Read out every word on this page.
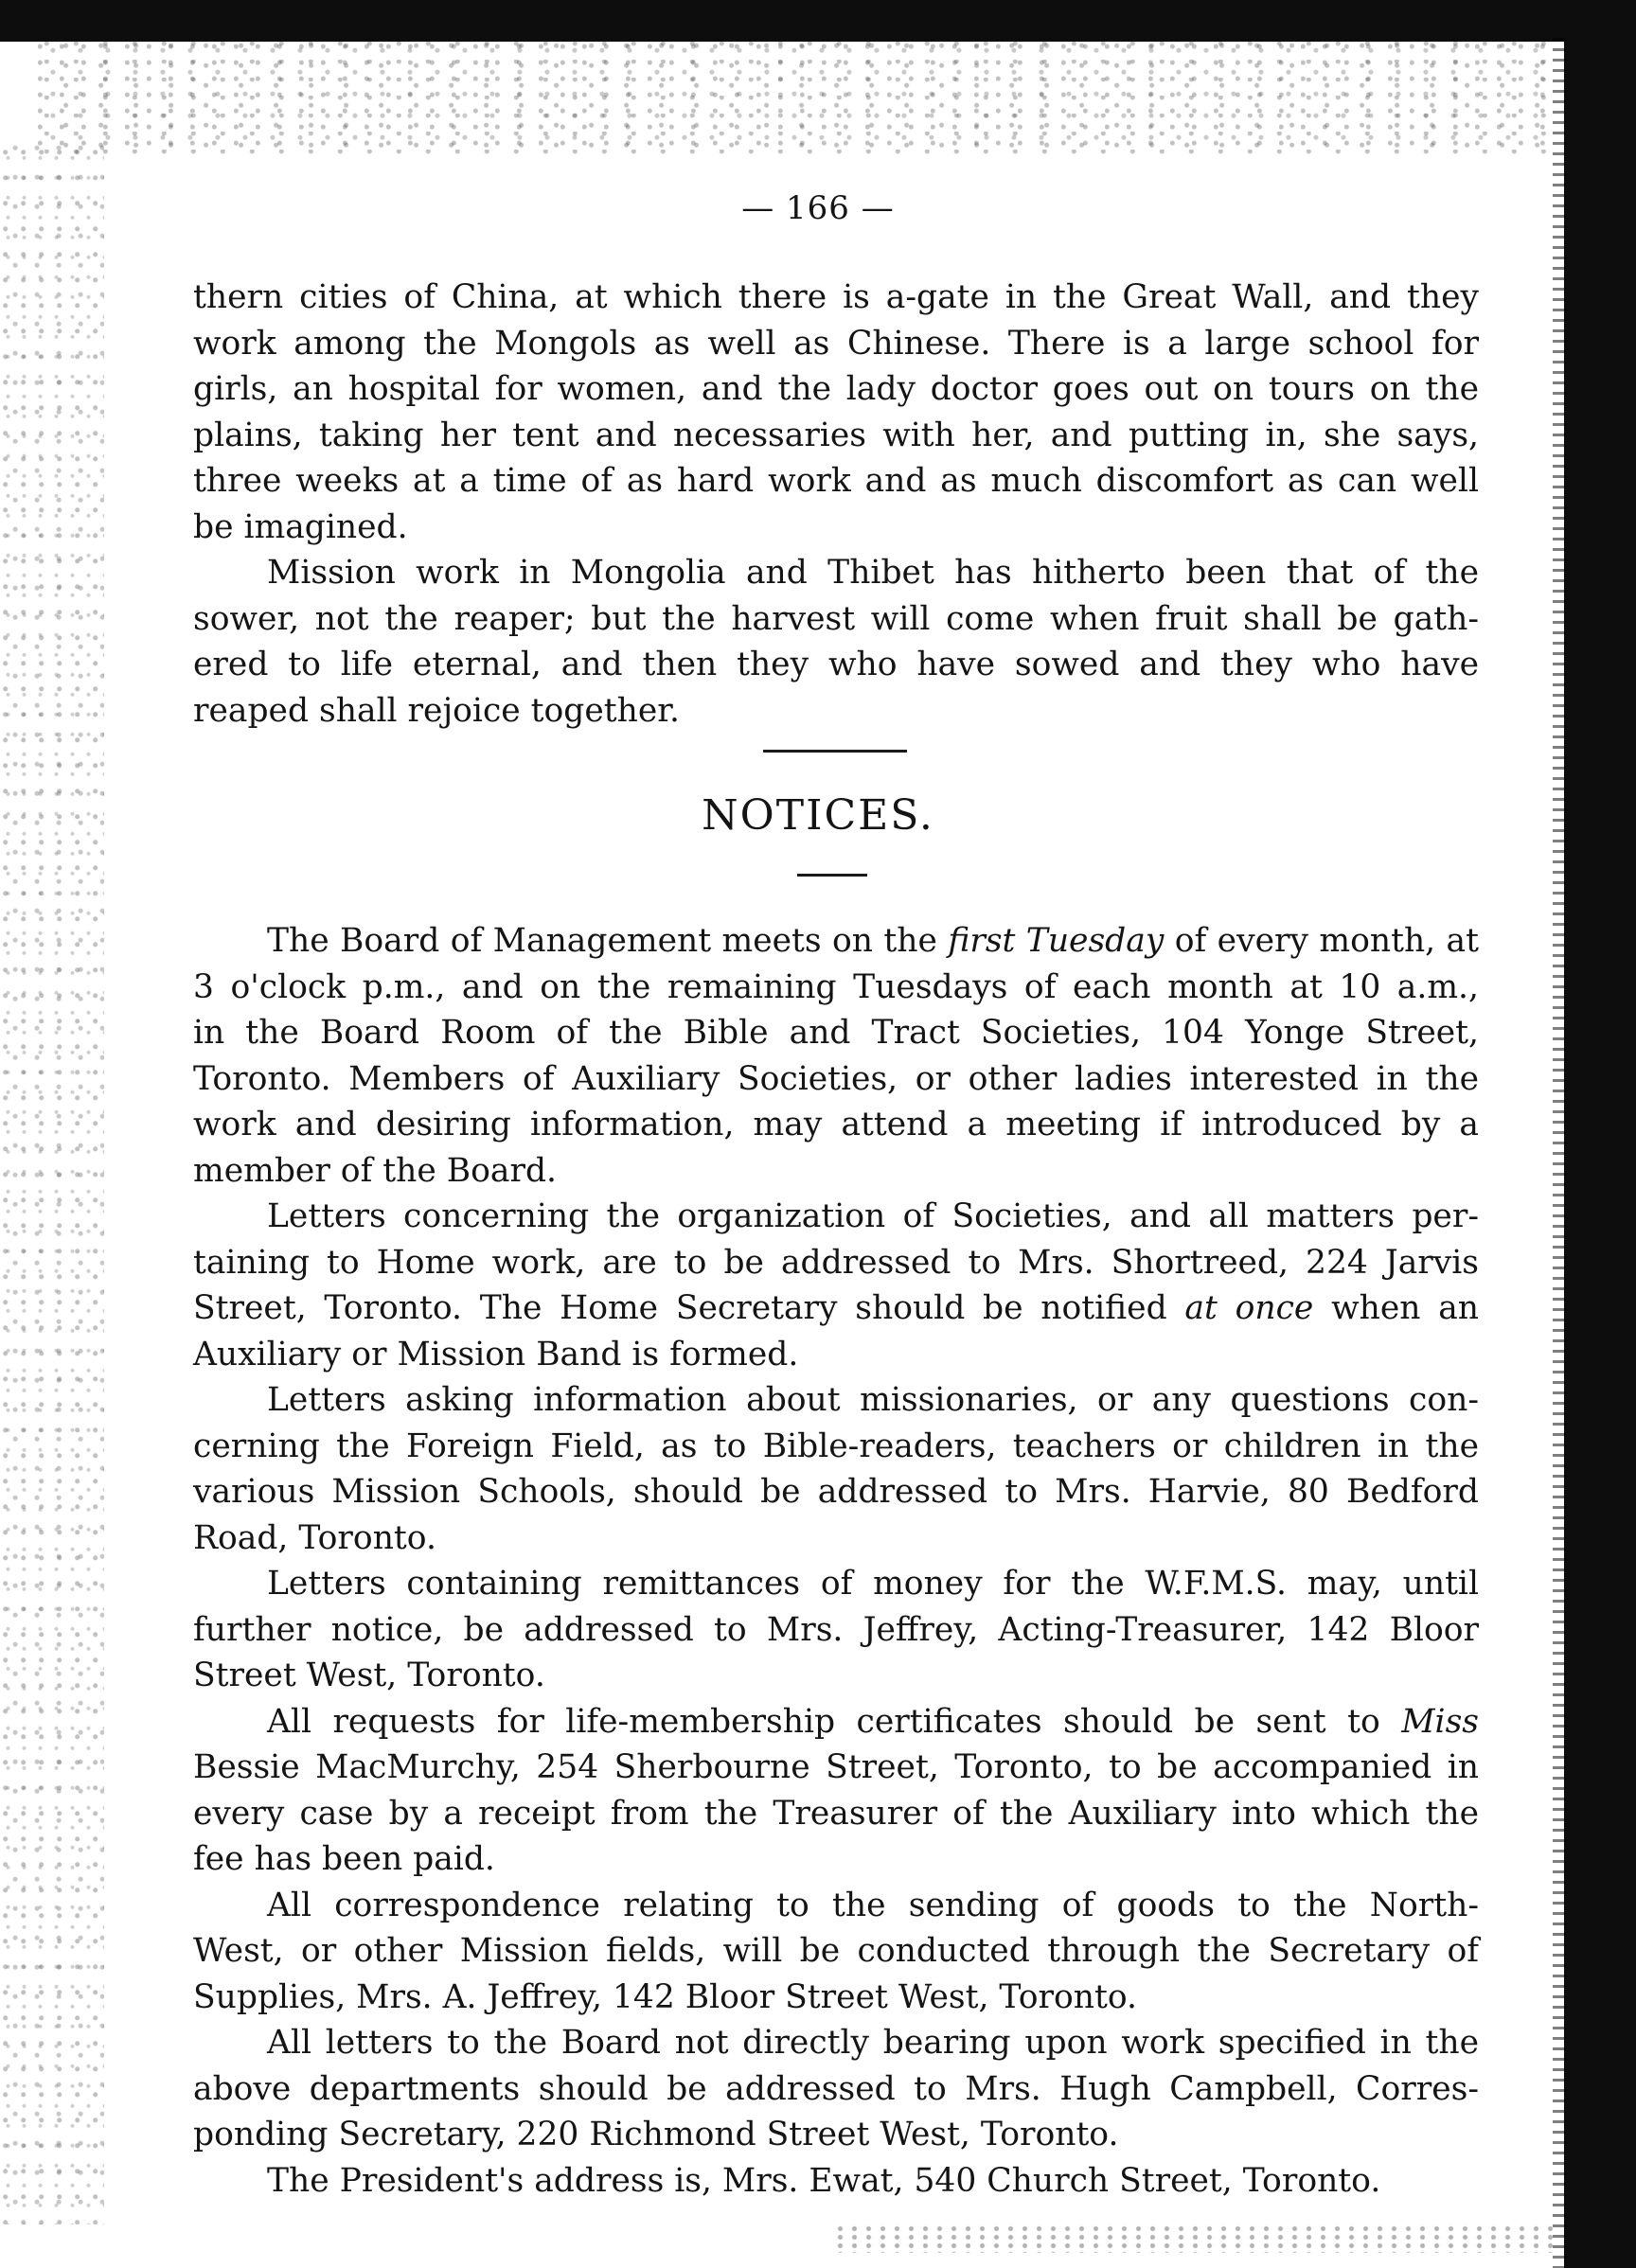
— 166 —
thern cities of China, at which there is a-gate in the Great Wall, and they
work among the Mongols as well as Chinese. There is a large school for
girls, an hospital for women, and the lady doctor goes out on tours on the
plains, taking her tent and necessaries with her, and putting in, she says,
three weeks at a time of as hard work and as much discomfort as can well
be imagined.
Mission work in Mongolia and Thibet has hitherto been that of the
sower, not the reaper; but the harvest will come when fruit shall be gath-
ered to life eternal, and then they who have sowed and they who have
reaped shall rejoice together.
NOTICES.
The Board of Management meets on the first Tuesday of every month, at
3 o'clock p.m., and on the remaining Tuesdays of each month at 10 a.m.,
in the Board Room of the Bible and Tract Societies, 104 Yonge Street,
Toronto. Members of Auxiliary Societies, or other ladies interested in the
work and desiring information, may attend a meeting if introduced by a
member of the Board.
Letters concerning the organization of Societies, and all matters per-
taining to Home work, are to be addressed to Mrs. Shortreed, 224 Jarvis
Street, Toronto. The Home Secretary should be notified at once when an
Auxiliary or Mission Band is formed.
Letters asking information about missionaries, or any questions con-
cerning the Foreign Field, as to Bible-readers, teachers or children in the
various Mission Schools, should be addressed to Mrs. Harvie, 80 Bedford
Road, Toronto.
Letters containing remittances of money for the W.F.M.S. may, until
further notice, be addressed to Mrs. Jeffrey, Acting-Treasurer, 142 Bloor
Street West, Toronto.
All requests for life-membership certificates should be sent to Miss
Bessie MacMurchy, 254 Sherbourne Street, Toronto, to be accompanied in
every case by a receipt from the Treasurer of the Auxiliary into which the
fee has been paid.
All correspondence relating to the sending of goods to the North-
West, or other Mission fields, will be conducted through the Secretary of
Supplies, Mrs. A. Jeffrey, 142 Bloor Street West, Toronto.
All letters to the Board not directly bearing upon work specified in the
above departments should be addressed to Mrs. Hugh Campbell, Corres-
ponding Secretary, 220 Richmond Street West, Toronto.
The President's address is, Mrs. Ewat, 540 Church Street, Toronto.
